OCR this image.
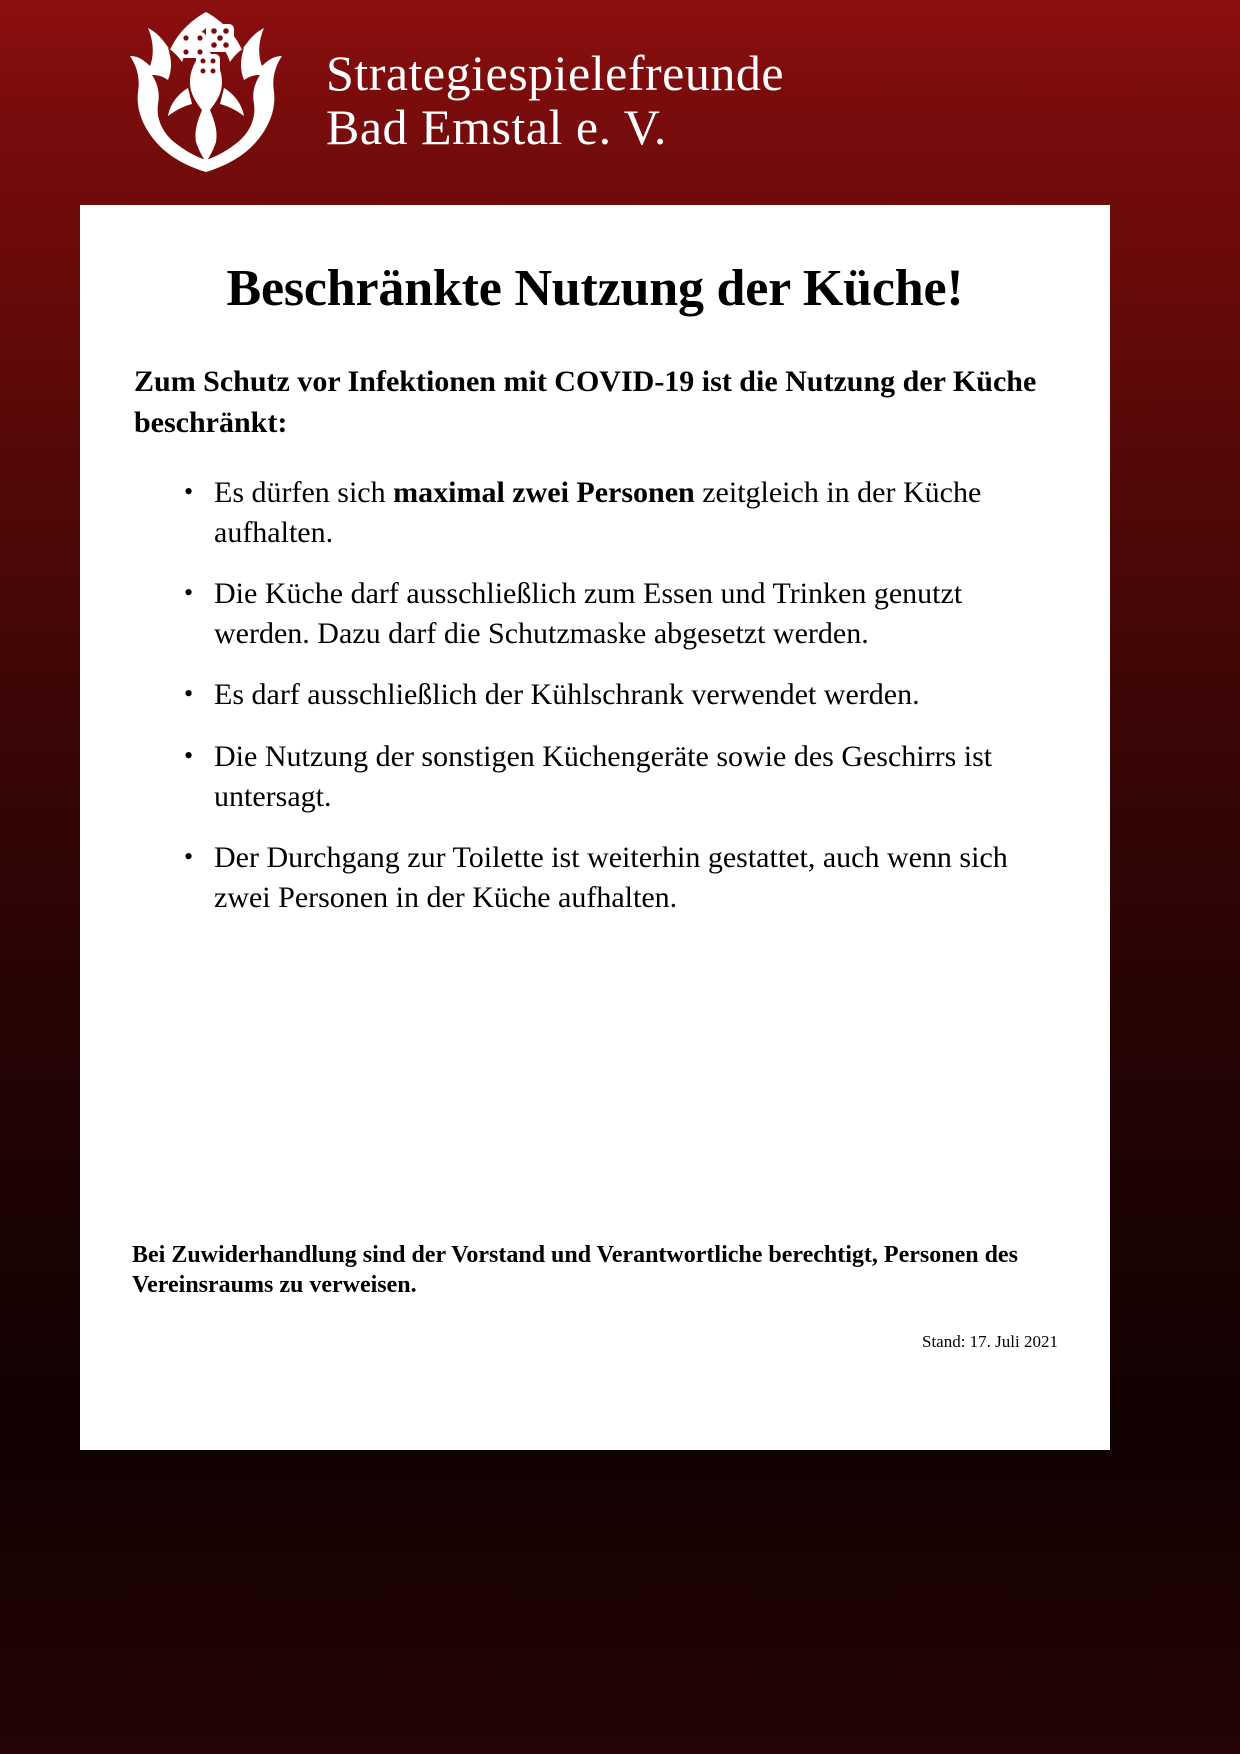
Strategiespielefreunde
Bad Emstal e. V.
Beschränkte Nutzung der Küche!

Zum Schutz vor Infektionen mit COVID-19 ist die Nutzung der Küche beschränkt:

• Es dürfen sich maximal zwei Personen zeitgleich in der Küche aufhalten.
• Die Küche darf ausschließlich zum Essen und Trinken genutzt werden. Dazu darf die Schutzmaske abgesetzt werden.
• Es darf ausschließlich der Kühlschrank verwendet werden.
• Die Nutzung der sonstigen Küchengeräte sowie des Geschirrs ist untersagt.
• Der Durchgang zur Toilette ist weiterhin gestattet, auch wenn sich zwei Personen in der Küche aufhalten.
Bei Zuwiderhandlung sind der Vorstand und Verantwortliche berechtigt, Personen des Vereinsraums zu verweisen.
Stand: 17. Juli 2021
